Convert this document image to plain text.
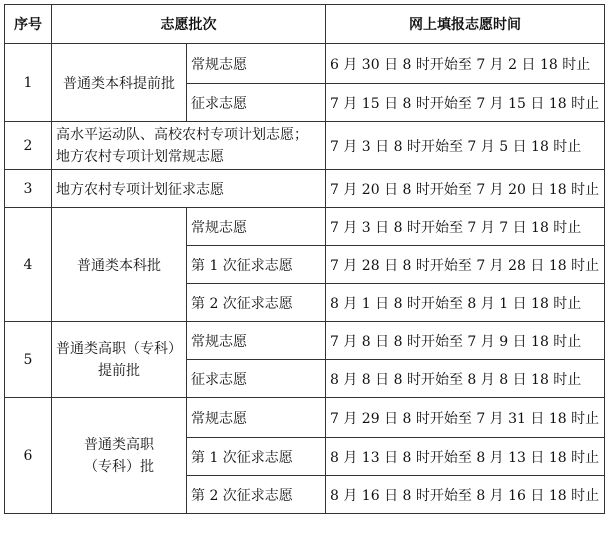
序号	志愿批次		网上填报志愿时间
1	普通类本科提前批	常规志愿	6 月 30 日 8 时开始至 7 月 2 日 18 时止
		征求志愿	7 月 15 日 8 时开始至 7 月 15 日 18 时止
2	高水平运动队、高校农村专项计划志愿；
地方农村专项计划常规志愿		7 月 3 日 8 时开始至 7 月 5 日 18 时止
3	地方农村专项计划征求志愿		7 月 20 日 8 时开始至 7 月 20 日 18 时止
4	普通类本科批	常规志愿	7 月 3 日 8 时开始至 7 月 7 日 18 时止
		第 1 次征求志愿	7 月 28 日 8 时开始至 7 月 28 日 18 时止
		第 2 次征求志愿	8 月 1 日 8 时开始至 8 月 1 日 18 时止
5	普通类高职（专科）
提前批	常规志愿	7 月 8 日 8 时开始至 7 月 9 日 18 时止
		征求志愿	8 月 8 日 8 时开始至 8 月 8 日 18 时止
6	普通类高职
（专科）批	常规志愿	7 月 29 日 8 时开始至 7 月 31 日 18 时止
		第 1 次征求志愿	8 月 13 日 8 时开始至 8 月 13 日 18 时止
		第 2 次征求志愿	8 月 16 日 8 时开始至 8 月 16 日 18 时止
